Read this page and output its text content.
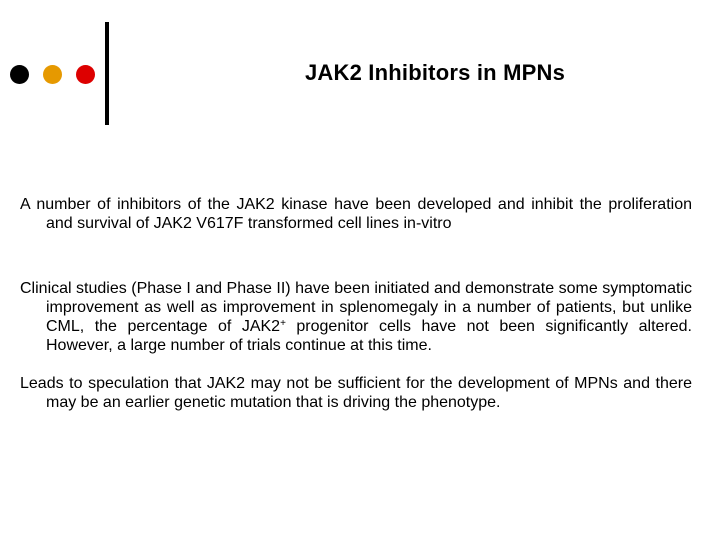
JAK2 Inhibitors in MPNs
A number of inhibitors of the JAK2 kinase have been developed and inhibit the proliferation and survival of JAK2 V617F transformed cell lines in-vitro
Clinical studies (Phase I and Phase II) have been initiated and demonstrate some symptomatic improvement as well as improvement in splenomegaly in a number of patients, but unlike CML, the percentage of JAK2+ progenitor cells have not been significantly altered. However, a large number of trials continue at this time.
Leads to speculation that JAK2 may not be sufficient for the development of MPNs and there may be an earlier genetic mutation that is driving the phenotype.
